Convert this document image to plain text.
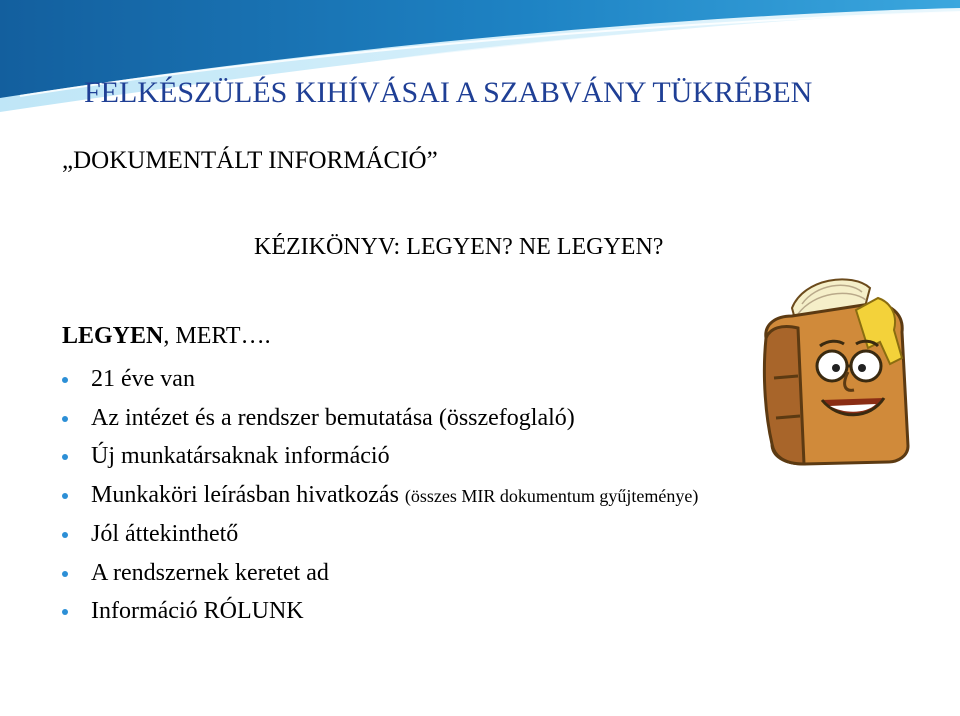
FELKÉSZÜLÉS KIHÍVÁSAI A SZABVÁNY TÜKRÉBEN
„DOKUMENTÁLT INFORMÁCIÓ”
KÉZIKÖNYV: LEGYEN? NE LEGYEN?
LEGYEN, MERT….
21 éve van
Az intézet és a rendszer bemutatása (összefoglaló)
Új munkatársaknak információ
Munkaköri leírásban hivatkozás (összes MIR dokumentum gyűjteménye)
Jól áttekinthető
A rendszernek keretet ad
Információ RÓLUNK
